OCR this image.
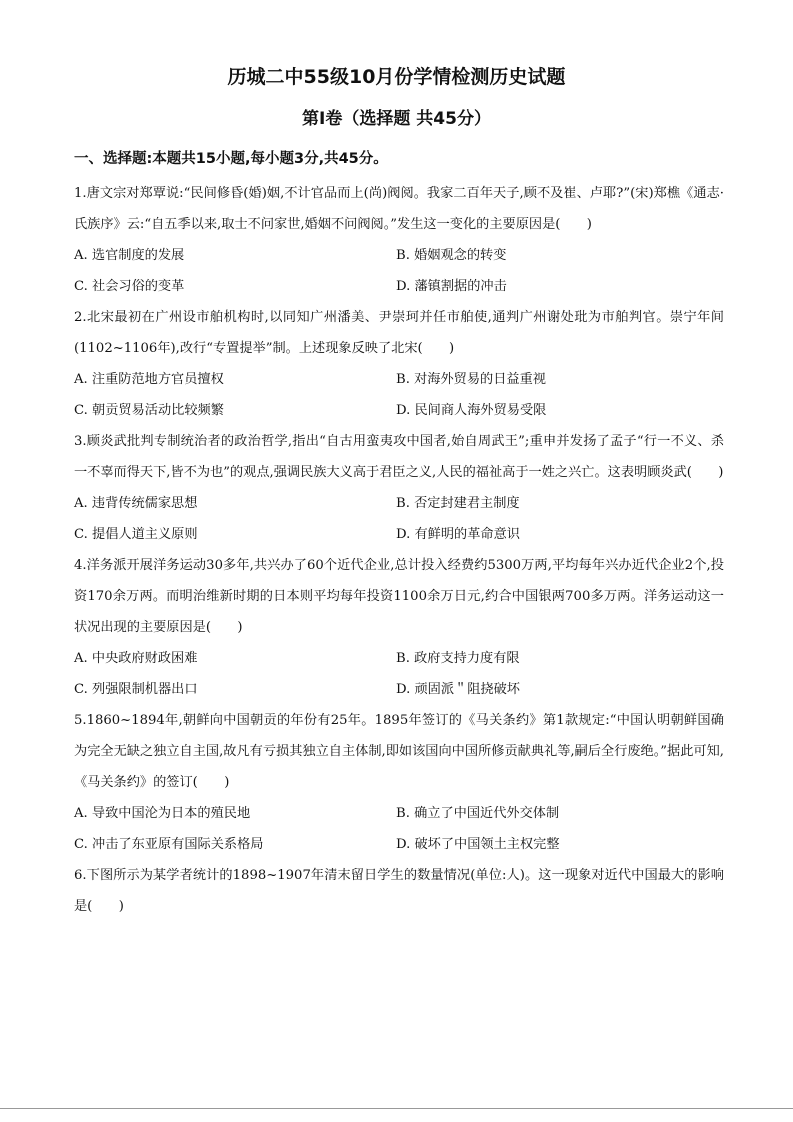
历城二中55级10月份学情检测历史试题
第Ⅰ卷（选择题 共45分）
一、选择题:本题共15小题,每小题3分,共45分。

1.唐文宗对郑覃说:“民间修昏(婚)姻,不计官品而上(尚)阀阅。我家二百年天子,顾不及崔、卢耶?”(宋)郑樵《通志·氏族序》云:“自五季以来,取士不问家世,婚姻不问阀阅。”发生这一变化的主要原因是(　　)

A. 选官制度的发展	B. 婚姻观念的转变
C. 社会习俗的变革	D. 藩镇割据的冲击

2.北宋最初在广州设市舶机构时,以同知广州潘美、尹崇珂并任市舶使,通判广州谢处玭为市舶判官。崇宁年间(1102~1106年),改行“专置提举”制。上述现象反映了北宋(　　)

A. 注重防范地方官员擅权	B. 对海外贸易的日益重视
C. 朝贡贸易活动比较频繁	D. 民间商人海外贸易受限

3.顾炎武批判专制统治者的政治哲学,指出“自古用蛮夷攻中国者,始自周武王”;重申并发扬了孟子“行一不义、杀一不辜而得天下,皆不为也”的观点,强调民族大义高于君臣之义,人民的福祉高于一姓之兴亡。这表明顾炎武(　　)

A. 违背传统儒家思想	B. 否定封建君主制度
C. 提倡人道主义原则	D. 有鲜明的革命意识

4.洋务派开展洋务运动30多年,共兴办了60个近代企业,总计投入经费约5300万两,平均每年兴办近代企业2个,投资170余万两。而明治维新时期的日本则平均每年投资1100余万日元,约合中国银两700多万两。洋务运动这一状况出现的主要原因是(　　)

A. 中央政府财政困难	B. 政府支持力度有限
C. 列强限制机器出口	D. 顽固派＂阻挠破坏

5.1860~1894年,朝鲜向中国朝贡的年份有25年。1895年签订的《马关条约》第1款规定:“中国认明朝鲜国确为完全无缺之独立自主国,故凡有亏损其独立自主体制,即如该国向中国所修贡献典礼等,嗣后全行废绝。”据此可知,《马关条约》的签订(　　)

A. 导致中国沦为日本的殖民地	B. 确立了中国近代外交体制
C. 冲击了东亚原有国际关系格局	D. 破坏了中国领土主权完整

6.下图所示为某学者统计的1898~1907年清末留日学生的数量情况(单位:人)。这一现象对近代中国最大的影响是(　　)
